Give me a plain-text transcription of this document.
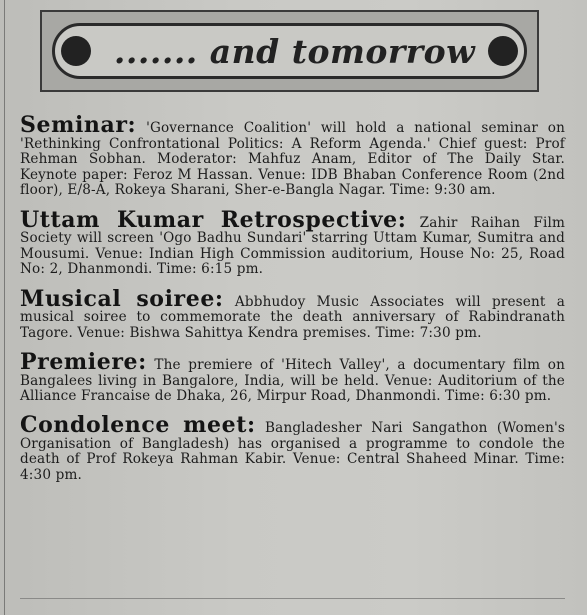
....... and tomorrow

Seminar: 'Governance Coalition' will hold a national seminar on 'Rethinking Confrontational Politics: A Reform Agenda.' Chief guest: Prof Rehman Sobhan. Moderator: Mahfuz Anam, Editor of The Daily Star. Keynote paper: Feroz M Hassan. Venue: IDB Bhaban Conference Room (2nd floor), E/8-A, Rokeya Sharani, Sher-e-Bangla Nagar. Time: 9:30 am.

Uttam Kumar Retrospective: Zahir Raihan Film Society will screen 'Ogo Badhu Sundari' starring Uttam Kumar, Sumitra and Mousumi. Venue: Indian High Commission auditorium, House No: 25, Road No: 2, Dhanmondi. Time: 6:15 pm.

Musical soiree: Abbhudoy Music Associates will present a musical soiree to commemorate the death anniversary of Rabindranath Tagore. Venue: Bishwa Sahittya Kendra premises. Time: 7:30 pm.

Premiere: The premiere of 'Hitech Valley', a documentary film on Bangalees living in Bangalore, India, will be held. Venue: Auditorium of the Alliance Francaise de Dhaka, 26, Mirpur Road, Dhanmondi. Time: 6:30 pm.

Condolence meet: Bangladesher Nari Sangathon (Women's Organisation of Bangladesh) has organised a programme to condole the death of Prof Rokeya Rahman Kabir. Venue: Central Shaheed Minar. Time: 4:30 pm.
